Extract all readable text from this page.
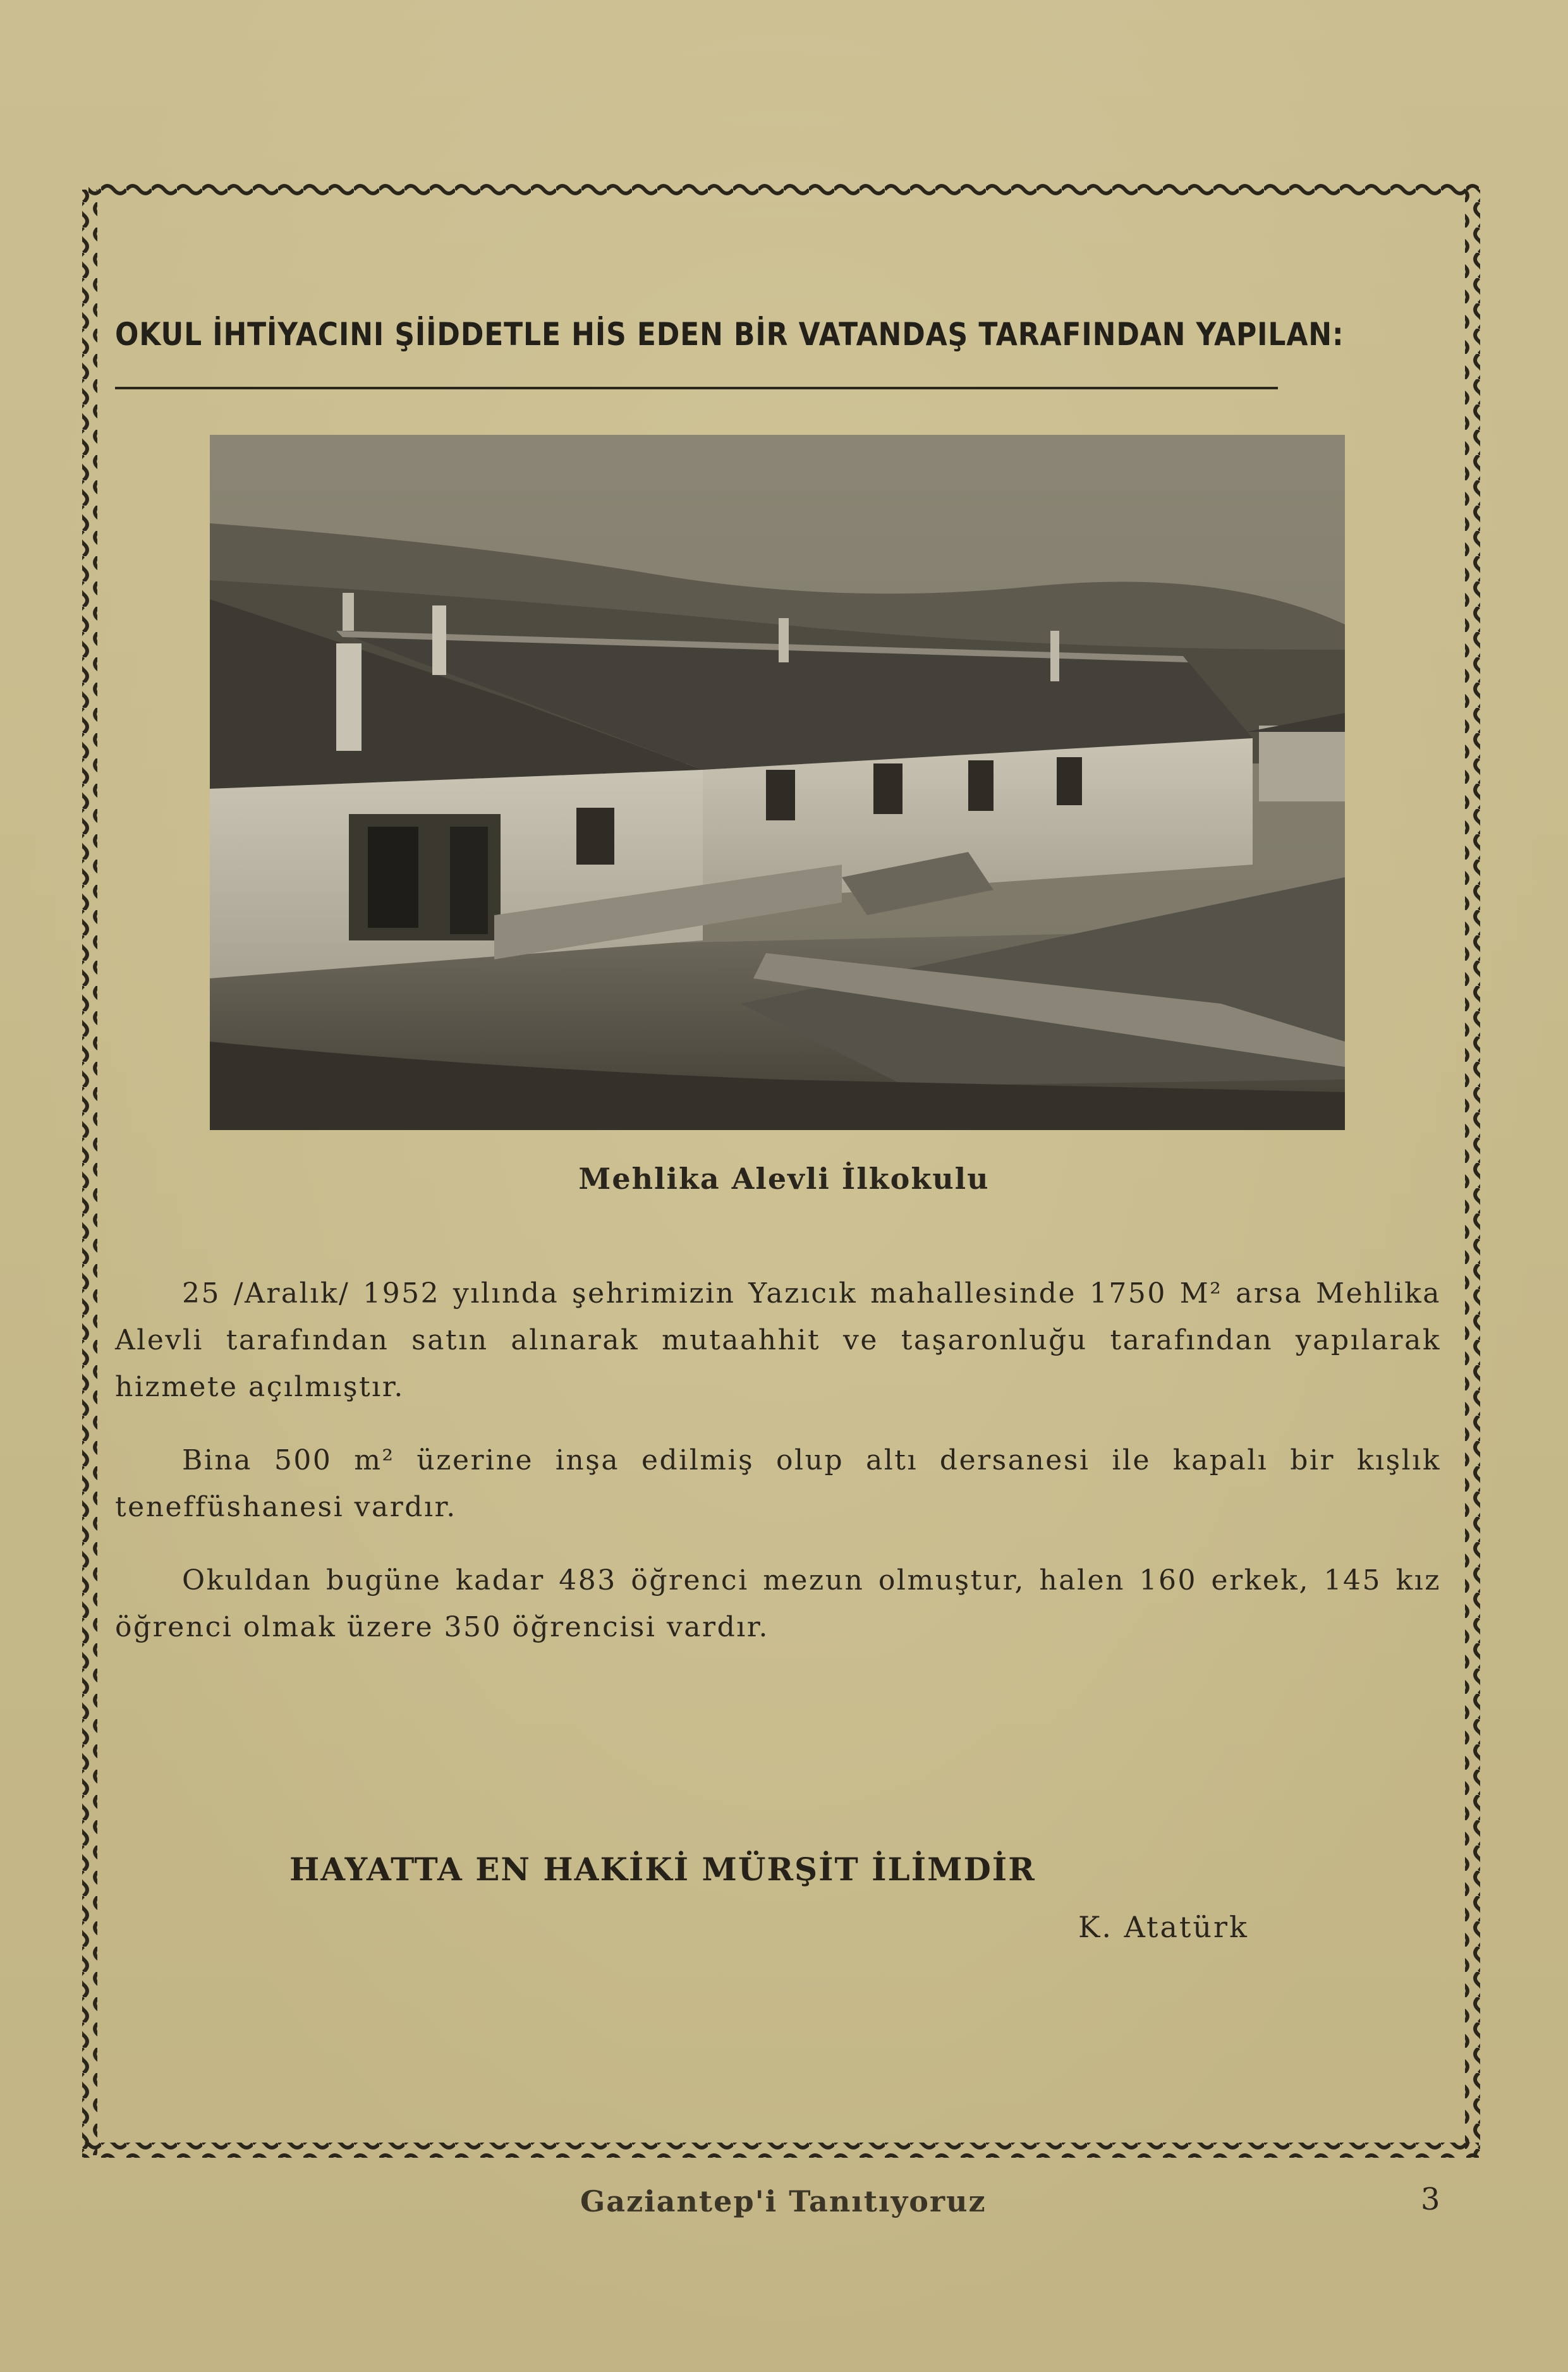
OKUL İHTİYACINI ŞİİDDETLE HİS EDEN BİR VATANDAŞ TARAFINDAN YAPILAN:
Mehlika Alevli İlkokulu

25 /Aralık/ 1952 yılında şehrimizin Yazıcık mahallesinde 1750 M² arsa Mehlika Alevli tarafından satın alınarak mutaahhit ve taşaronluğu tarafından yapılarak hizmete açılmıştır.

Bina 500 m² üzerine inşa edilmiş olup altı dersanesi ile kapalı bir kışlık teneffüshanesi vardır.

Okuldan bugüne kadar 483 öğrenci mezun olmuştur, halen 160 erkek, 145 kız öğrenci olmak üzere 350 öğrencisi vardır.

HAYATTA EN HAKİKİ MÜRŞİT İLİMDİR
K. Atatürk
Gaziantep'i Tanıtıyoruz	3
